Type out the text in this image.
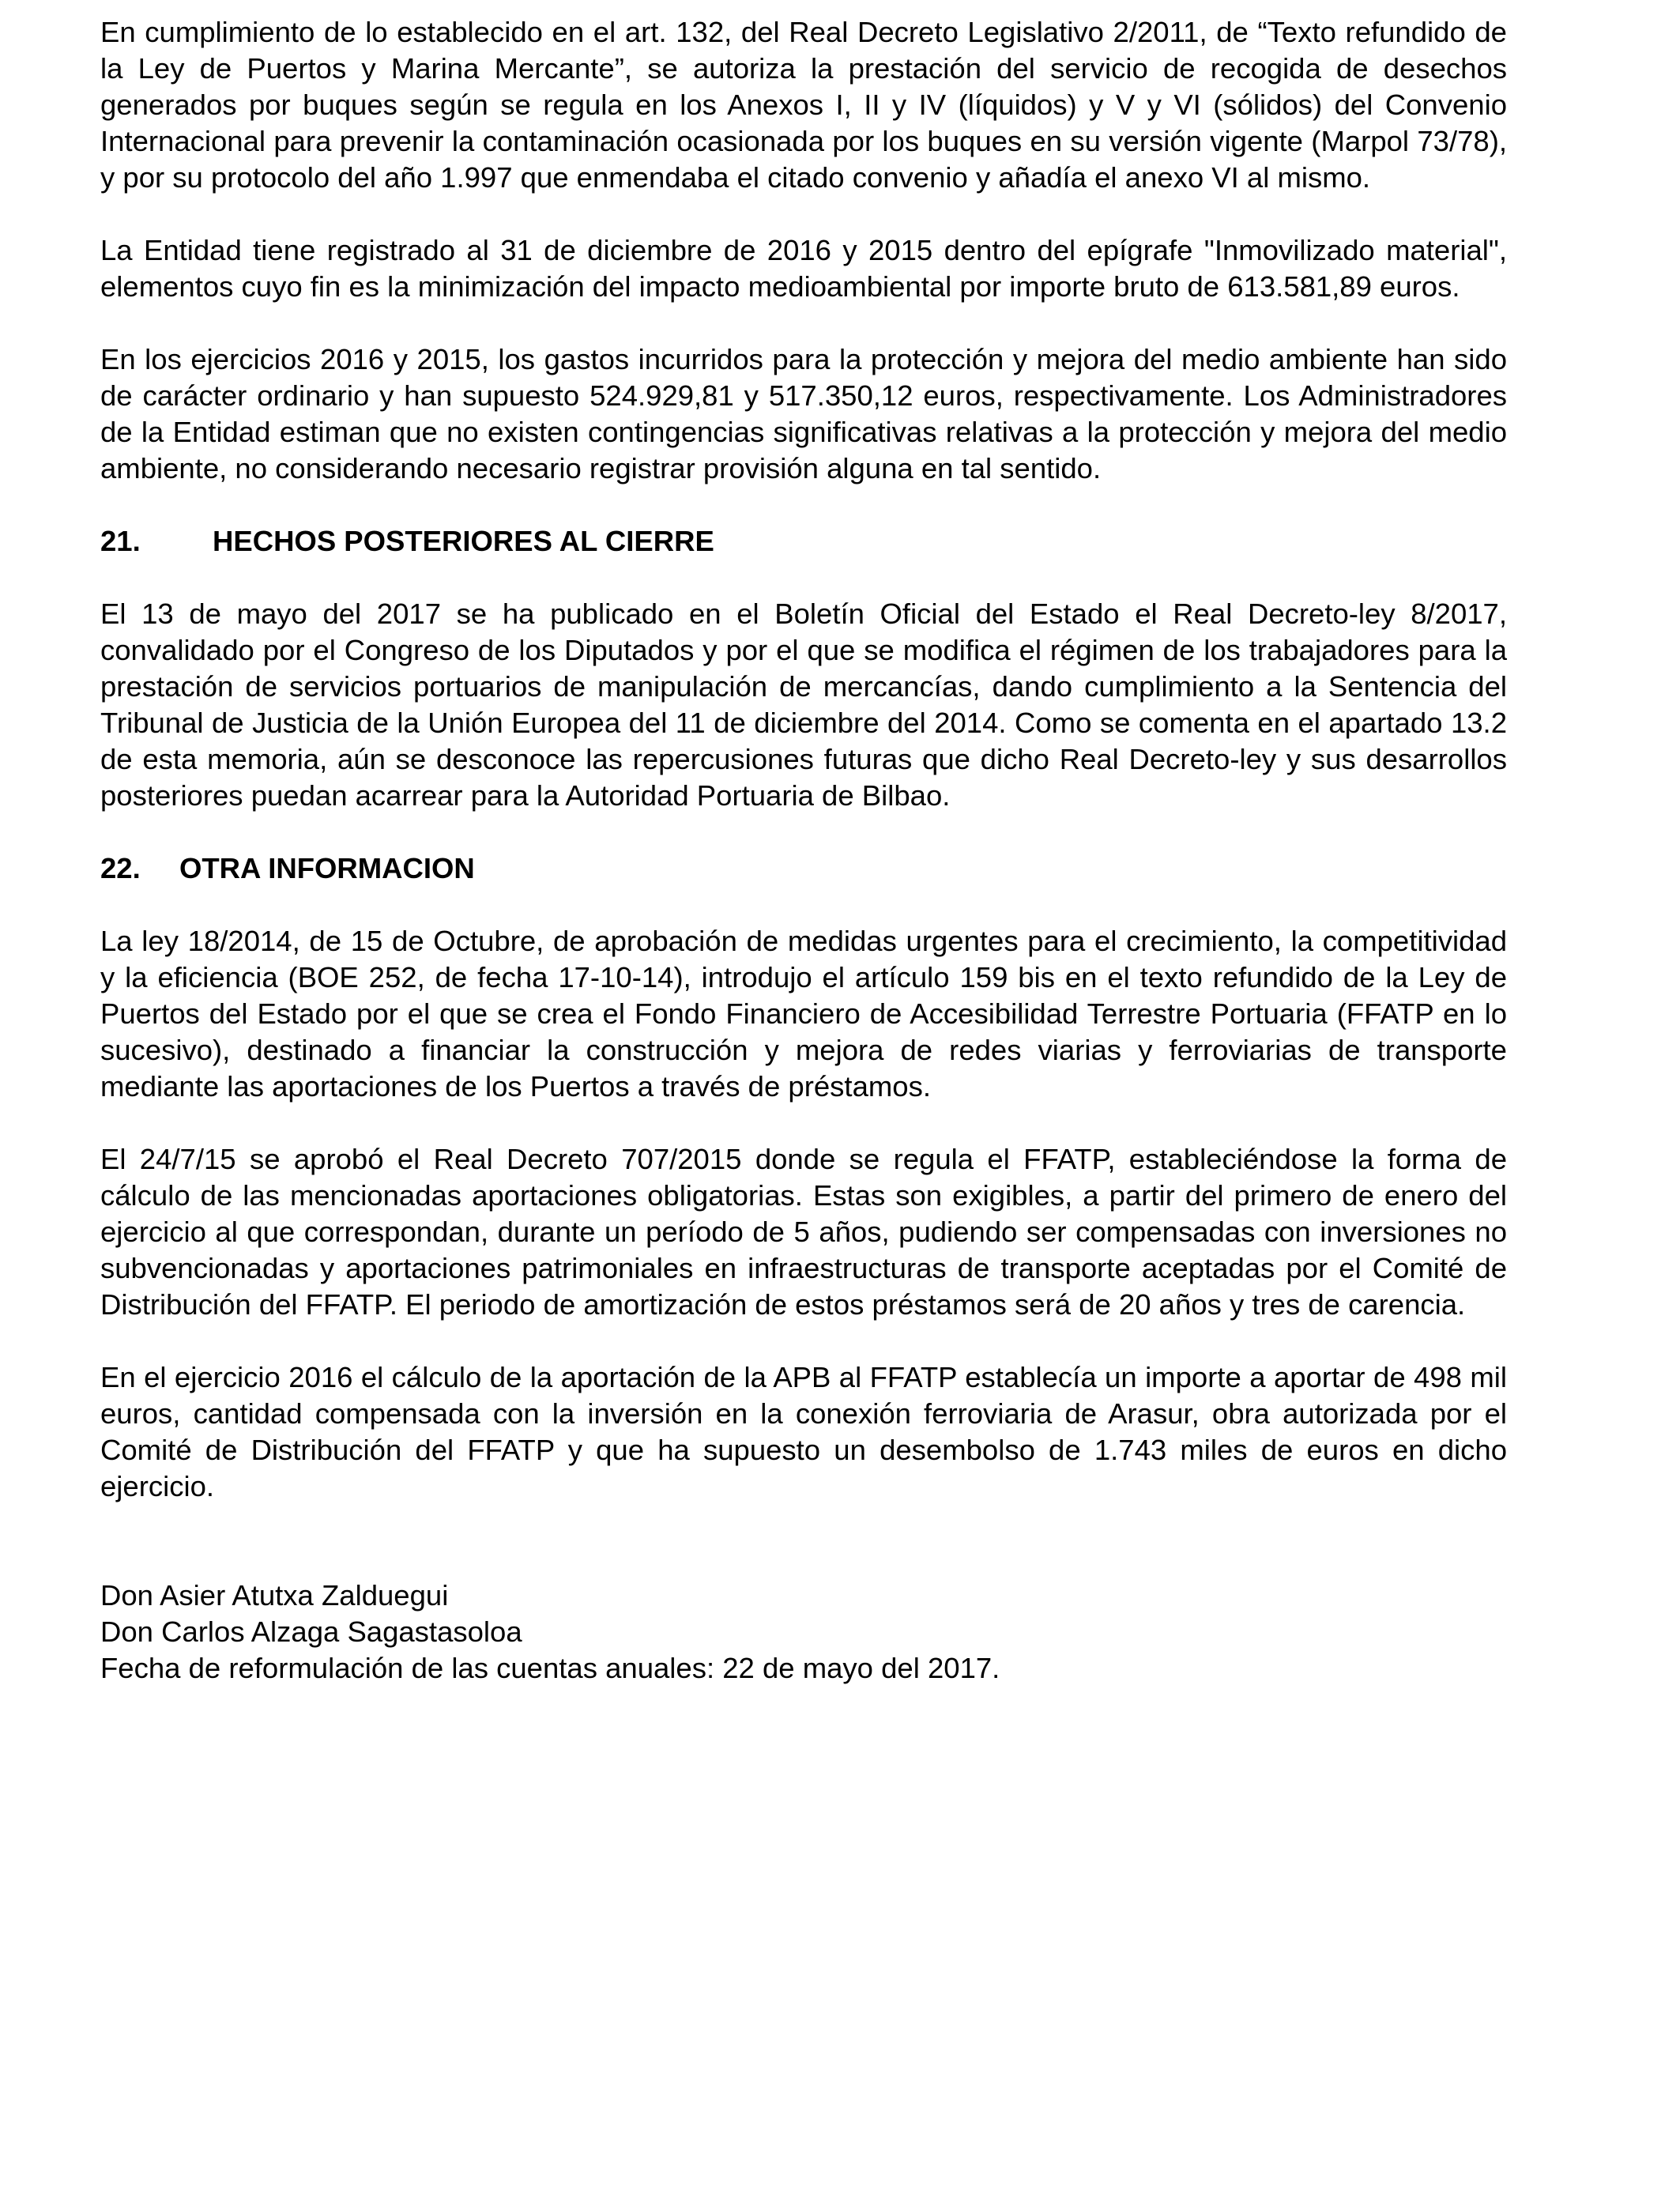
En cumplimiento de lo establecido en el art. 132, del Real Decreto Legislativo 2/2011, de “Texto refundido de la Ley de Puertos y Marina Mercante”, se autoriza la prestación del servicio de recogida de desechos generados por buques según se regula en los Anexos I, II y IV (líquidos) y V y VI (sólidos) del Convenio Internacional para prevenir la contaminación ocasionada por los buques en su versión vigente (Marpol 73/78), y por su protocolo del año 1.997 que enmendaba el citado convenio y añadía el anexo VI al mismo.

La Entidad tiene registrado al 31 de diciembre de 2016 y 2015 dentro del epígrafe "Inmovilizado material", elementos cuyo fin es la minimización del impacto medioambiental por importe bruto de 613.581,89 euros.

En los ejercicios 2016 y 2015, los gastos incurridos para la protección y mejora del medio ambiente han sido de carácter ordinario y han supuesto 524.929,81 y 517.350,12 euros, respectivamente. Los Administradores de la Entidad estiman que no existen contingencias significativas relativas a la protección y mejora del medio ambiente, no considerando necesario registrar provisión alguna en tal sentido.

21.	HECHOS POSTERIORES AL CIERRE

El 13 de mayo del 2017 se ha publicado en el Boletín Oficial del Estado el Real Decreto-ley 8/2017, convalidado por el Congreso de los Diputados y por el que se modifica el régimen de los trabajadores para la prestación de servicios portuarios de manipulación de mercancías, dando cumplimiento a la Sentencia del Tribunal de Justicia de la Unión Europea del 11 de diciembre del 2014. Como se comenta en el apartado 13.2 de esta memoria, aún se desconoce las repercusiones futuras que dicho Real Decreto-ley y sus desarrollos posteriores puedan acarrear para la Autoridad Portuaria de Bilbao.

22.	OTRA INFORMACION

La ley 18/2014, de 15 de Octubre, de aprobación de medidas urgentes para el crecimiento, la competitividad y la eficiencia (BOE 252, de fecha 17-10-14), introdujo el artículo 159 bis en el texto refundido de la Ley de Puertos del Estado por el que se crea el Fondo Financiero de Accesibilidad Terrestre Portuaria (FFATP en lo sucesivo), destinado a financiar la construcción y mejora de redes viarias y ferroviarias de transporte mediante las aportaciones de los Puertos a través de préstamos.

El 24/7/15 se aprobó el Real Decreto 707/2015 donde se regula el FFATP, estableciéndose la forma de cálculo de las mencionadas aportaciones obligatorias. Estas son exigibles, a partir del primero de enero del ejercicio al que correspondan, durante un período de 5 años, pudiendo ser compensadas con inversiones no subvencionadas y aportaciones patrimoniales en infraestructuras de transporte aceptadas por el Comité de Distribución del FFATP. El periodo de amortización de estos préstamos será de 20 años y tres de carencia.

En el ejercicio 2016 el cálculo de la aportación de la APB al FFATP establecía un importe a aportar de 498 mil euros, cantidad compensada con la inversión en la conexión ferroviaria de Arasur, obra autorizada por el Comité de Distribución del FFATP y que ha supuesto un desembolso de 1.743 miles de euros en dicho ejercicio.

Don Asier Atutxa Zalduegui

Don Carlos Alzaga Sagastasoloa

Fecha de reformulación de las cuentas anuales: 22 de mayo del 2017.
